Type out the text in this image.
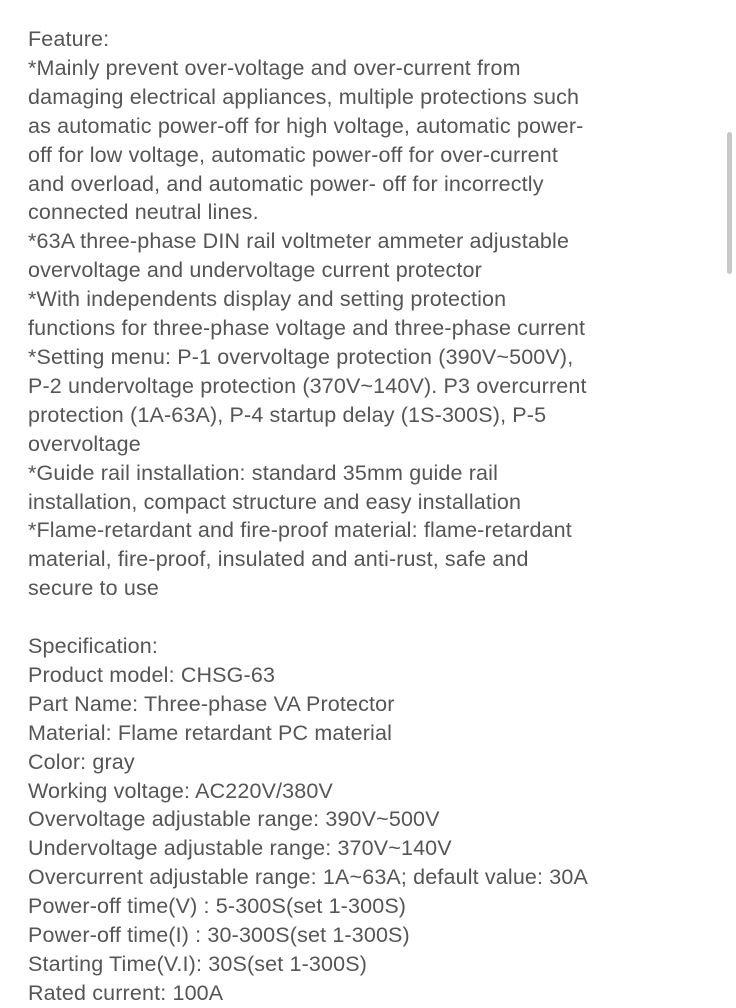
Feature:
*Mainly prevent over-voltage and over-current from
damaging electrical appliances, multiple protections such
as automatic power-off for high voltage, automatic power-
off for low voltage, automatic power-off for over-current
and overload, and automatic power- off for incorrectly
connected neutral lines.
*63A three-phase DIN rail voltmeter ammeter adjustable
overvoltage and undervoltage current protector
*With independents display and setting protection
functions for three-phase voltage and three-phase current
*Setting menu: P-1 overvoltage protection (390V~500V),
P-2 undervoltage protection (370V~140V). P3 overcurrent
protection (1A-63A), P-4 startup delay (1S-300S), P-5
overvoltage
*Guide rail installation: standard 35mm guide rail
installation, compact structure and easy installation
*Flame-retardant and fire-proof material: flame-retardant
material, fire-proof, insulated and anti-rust, safe and
secure to use
Specification:
Product model: CHSG-63
Part Name: Three-phase VA Protector
Material: Flame retardant PC material
Color: gray
Working voltage: AC220V/380V
Overvoltage adjustable range: 390V~500V
Undervoltage adjustable range: 370V~140V
Overcurrent adjustable range: 1A~63A; default value: 30A
Power-off time(V) : 5-300S(set 1-300S)
Power-off time(I) : 30-300S(set 1-300S)
Starting Time(V.I): 30S(set 1-300S)
Rated current: 100A
